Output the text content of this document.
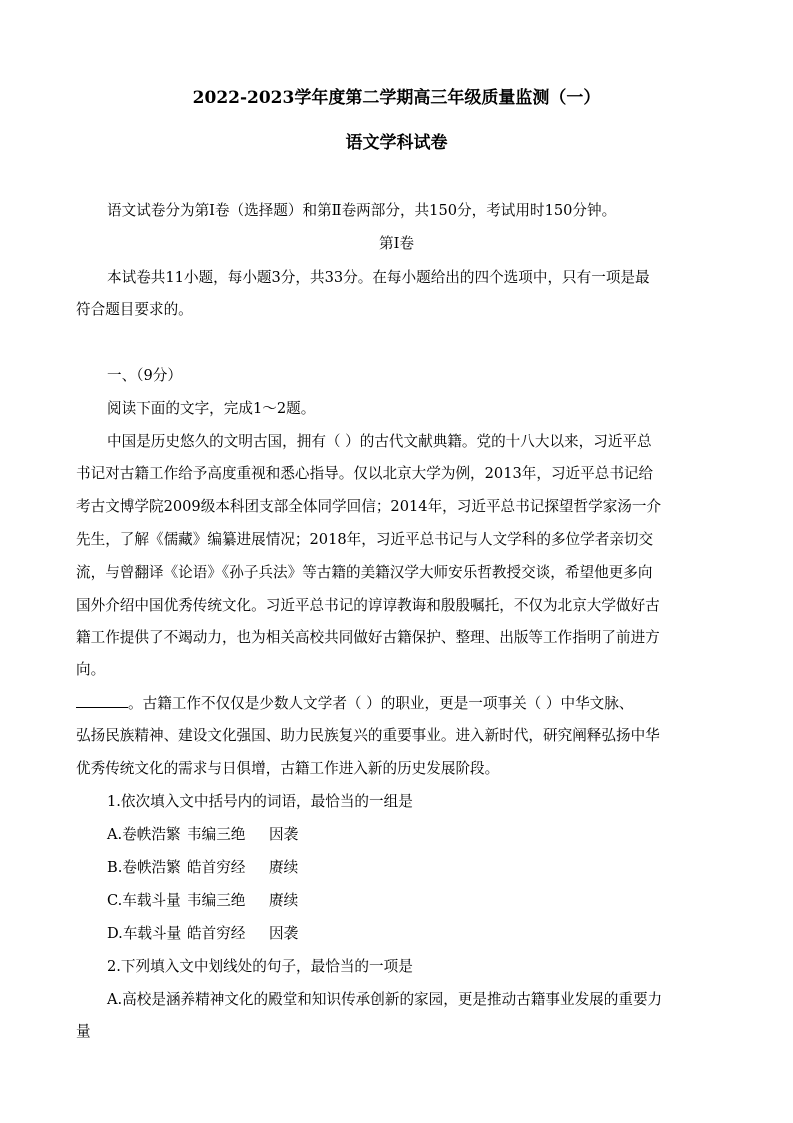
2022-2023学年度第二学期高三年级质量监测（一）
语文学科试卷
语文试卷分为第Ⅰ卷（选择题）和第Ⅱ卷两部分，共150分，考试用时150分钟。
第Ⅰ卷
本试卷共11小题，每小题3分，共33分。在每小题给出的四个选项中，只有一项是最
符合题目要求的。
一、（9分）
阅读下面的文字，完成1～2题。
中国是历史悠久的文明古国，拥有（ ）的古代文献典籍。党的十八大以来，习近平总
书记对古籍工作给予高度重视和悉心指导。仅以北京大学为例，2013年，习近平总书记给
考古文博学院2009级本科团支部全体同学回信；2014年，习近平总书记探望哲学家汤一介
先生，了解《儒藏》编纂进展情况；2018年，习近平总书记与人文学科的多位学者亲切交
流，与曾翻译《论语》《孙子兵法》等古籍的美籍汉学大师安乐哲教授交谈，希望他更多向
国外介绍中国优秀传统文化。习近平总书记的谆谆教诲和殷殷嘱托，不仅为北京大学做好古
籍工作提供了不竭动力，也为相关高校共同做好古籍保护、整理、出版等工作指明了前进方
向。
。古籍工作不仅仅是少数人文学者（ ）的职业，更是一项事关（ ）中华文脉、
弘扬民族精神、建设文化强国、助力民族复兴的重要事业。进入新时代，研究阐释弘扬中华
优秀传统文化的需求与日俱增，古籍工作进入新的历史发展阶段。
1.依次填入文中括号内的词语，最恰当的一组是
A.卷帙浩繁 韦编三绝 因袭
B.卷帙浩繁 皓首穷经 赓续
C.车载斗量 韦编三绝 赓续
D.车载斗量 皓首穷经 因袭
2.下列填入文中划线处的句子，最恰当的一项是
A.高校是涵养精神文化的殿堂和知识传承创新的家园，更是推动古籍事业发展的重要力
量
